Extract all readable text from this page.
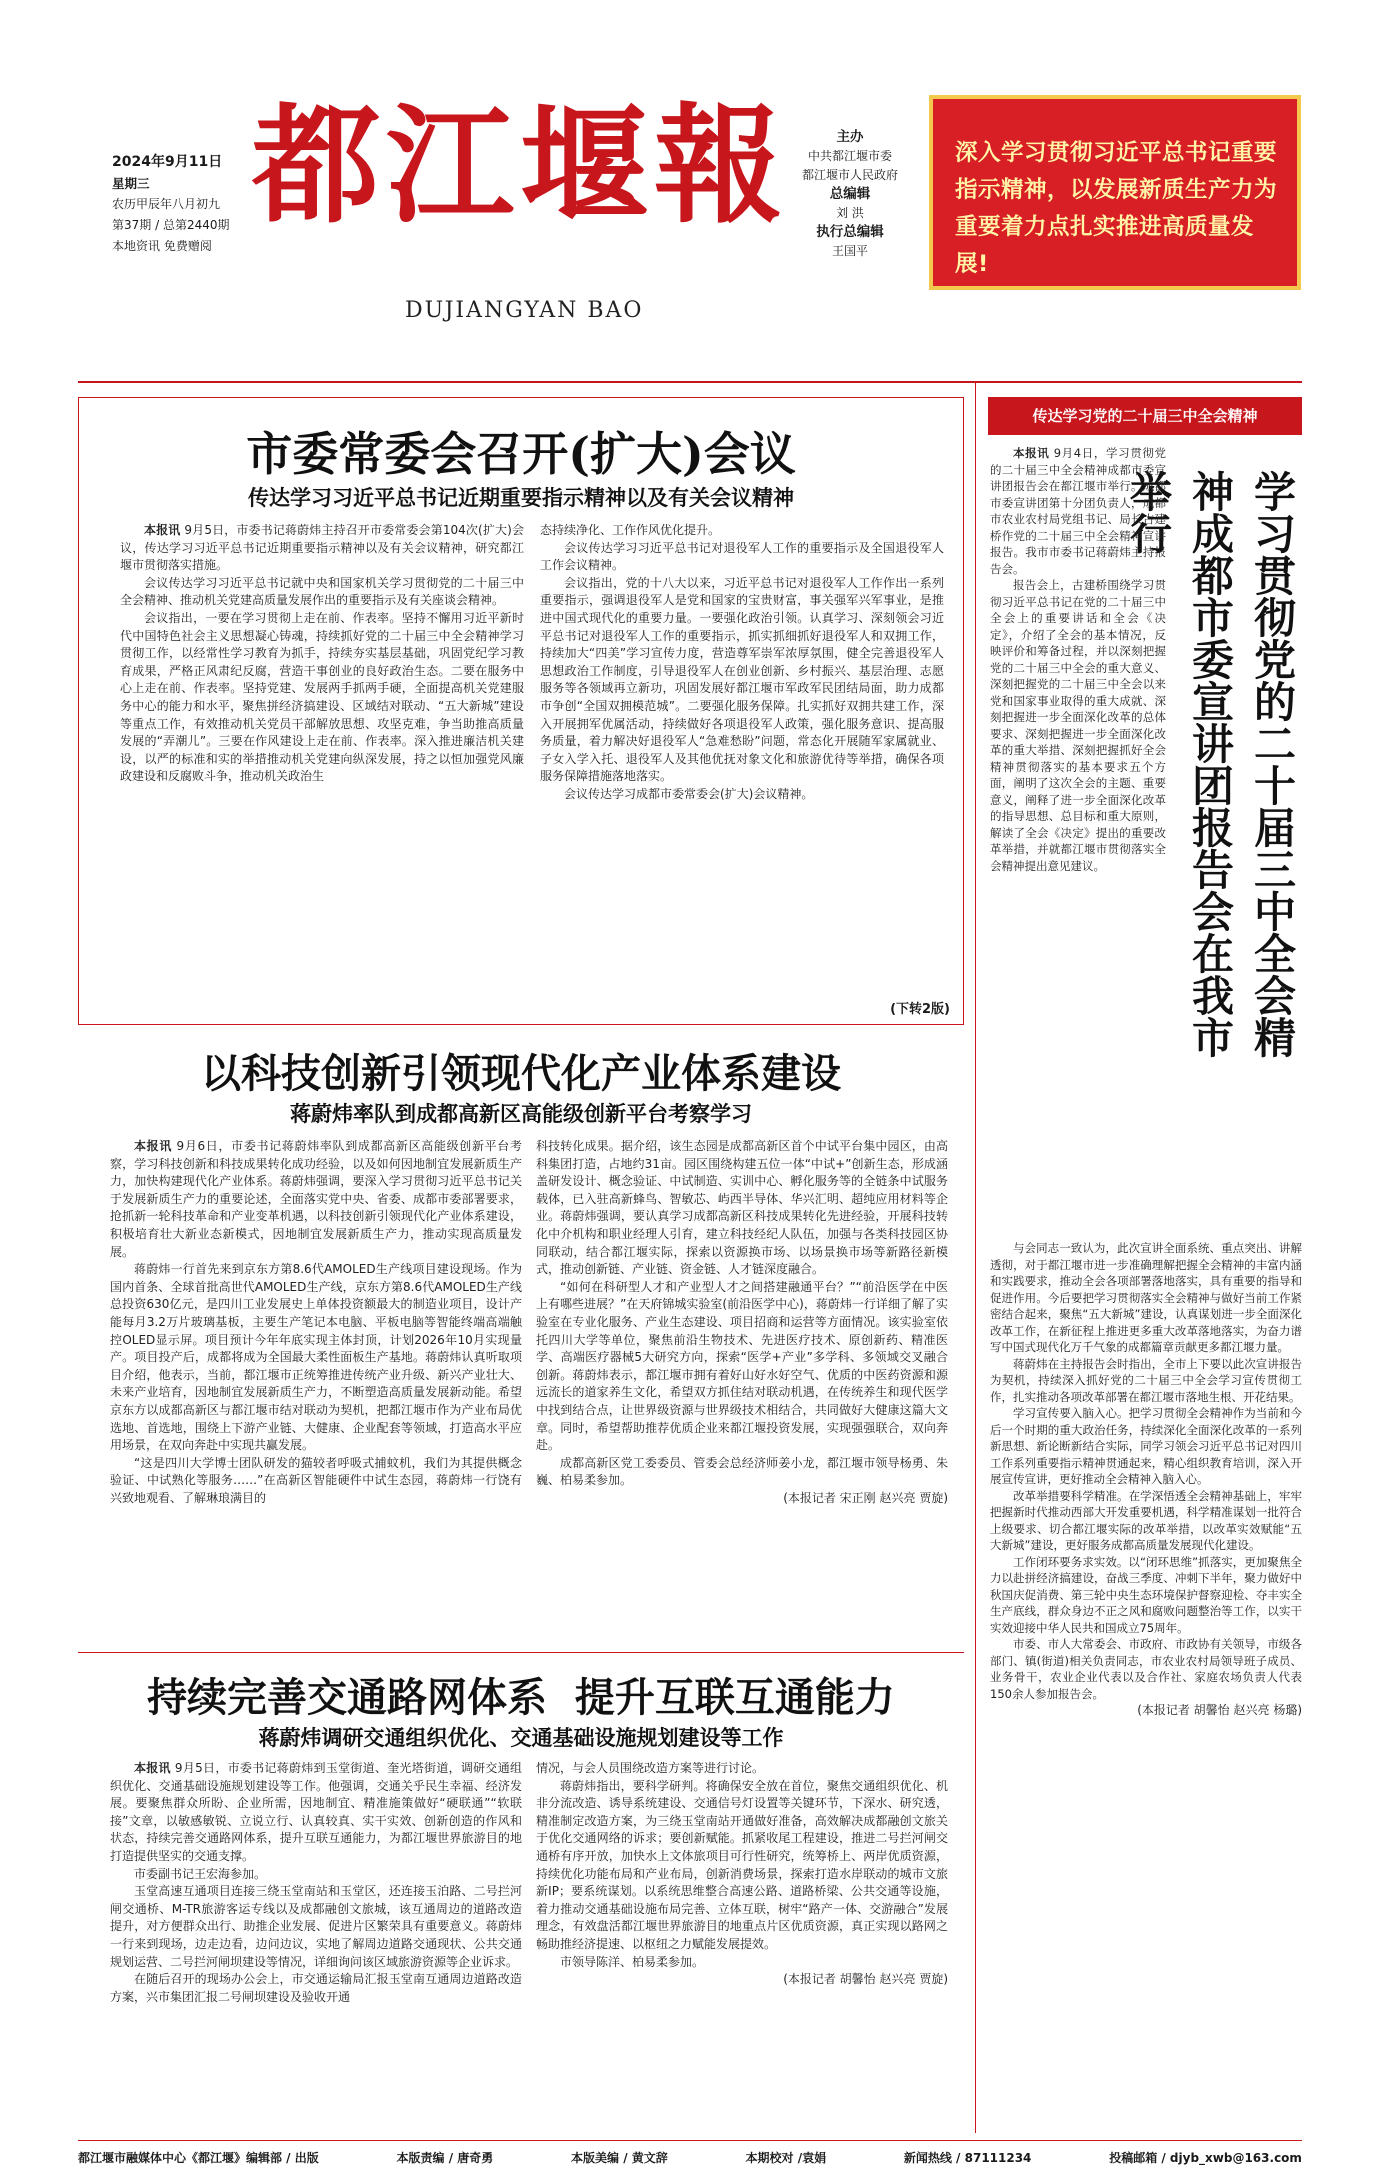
2024年9月11日
星期三
农历甲辰年八月初九
第37期 / 总第2440期
本地资讯 免费赠阅
都江堰報
DUJIANGYAN BAO
主办
中共都江堰市委
都江堰市人民政府
总编辑
刘 洪
执行总编辑
王国平
深入学习贯彻习近平总书记重要指示精神，以发展新质生产力为重要着力点扎实推进高质量发展!
市委常委会召开(扩大)会议
传达学习习近平总书记近期重要指示精神以及有关会议精神

本报讯 9月5日，市委书记蒋蔚炜主持召开市委常委会第104次(扩大)会议，传达学习习近平总书记近期重要指示精神以及有关会议精神，研究都江堰市贯彻落实措施。

会议传达学习习近平总书记就中央和国家机关学习贯彻党的二十届三中全会精神、推动机关党建高质量发展作出的重要指示及有关座谈会精神。

会议指出，一要在学习贯彻上走在前、作表率。坚持不懈用习近平新时代中国特色社会主义思想凝心铸魂，持续抓好党的二十届三中全会精神学习贯彻工作，以经常性学习教育为抓手，持续夯实基层基础，巩固党纪学习教育成果，严格正风肃纪反腐，营造干事创业的良好政治生态。二要在服务中心上走在前、作表率。坚持党建、发展两手抓两手硬，全面提高机关党建服务中心的能力和水平，聚焦拼经济搞建设、区域结对联动、“五大新城”建设等重点工作，有效推动机关党员干部解放思想、攻坚克难，争当助推高质量发展的“弄潮儿”。三要在作风建设上走在前、作表率。深入推进廉洁机关建设，以严的标准和实的举措推动机关党建向纵深发展，持之以恒加强党风廉政建设和反腐败斗争，推动机关政治生

态持续净化、工作作风优化提升。

会议传达学习习近平总书记对退役军人工作的重要指示及全国退役军人工作会议精神。

会议指出，党的十八大以来，习近平总书记对退役军人工作作出一系列重要指示，强调退役军人是党和国家的宝贵财富，事关强军兴军事业，是推进中国式现代化的重要力量。一要强化政治引领。认真学习、深刻领会习近平总书记对退役军人工作的重要指示，抓实抓细抓好退役军人和双拥工作，持续加大“四美”学习宣传力度，营造尊军崇军浓厚氛围，健全完善退役军人思想政治工作制度，引导退役军人在创业创新、乡村振兴、基层治理、志愿服务等各领域再立新功，巩固发展好都江堰市军政军民团结局面，助力成都市争创“全国双拥模范城”。二要强化服务保障。扎实抓好双拥共建工作，深入开展拥军优属活动，持续做好各项退役军人政策，强化服务意识、提高服务质量，着力解决好退役军人“急难愁盼”问题，常态化开展随军家属就业、子女入学入托、退役军人及其他优抚对象文化和旅游优待等举措，确保各项服务保障措施落地落实。

会议传达学习成都市委常委会(扩大)会议精神。

(下转2版)
以科技创新引领现代化产业体系建设
蒋蔚炜率队到成都高新区高能级创新平台考察学习

本报讯 9月6日，市委书记蒋蔚炜率队到成都高新区高能级创新平台考察，学习科技创新和科技成果转化成功经验，以及如何因地制宜发展新质生产力，加快构建现代化产业体系。蒋蔚炜强调，要深入学习贯彻习近平总书记关于发展新质生产力的重要论述，全面落实党中央、省委、成都市委部署要求，抢抓新一轮科技革命和产业变革机遇，以科技创新引领现代化产业体系建设，积极培育壮大新业态新模式，因地制宜发展新质生产力，推动实现高质量发展。

蒋蔚炜一行首先来到京东方第8.6代AMOLED生产线项目建设现场。作为国内首条、全球首批高世代AMOLED生产线，京东方第8.6代AMOLED生产线总投资630亿元，是四川工业发展史上单体投资额最大的制造业项目，设计产能每月3.2万片玻璃基板，主要生产笔记本电脑、平板电脑等智能终端高端触控OLED显示屏。项目预计今年年底实现主体封顶，计划2026年10月实现量产。项目投产后，成都将成为全国最大柔性面板生产基地。蒋蔚炜认真听取项目介绍，他表示，当前，都江堰市正统筹推进传统产业升级、新兴产业壮大、未来产业培育，因地制宜发展新质生产力，不断塑造高质量发展新动能。希望京东方以成都高新区与都江堰市结对联动为契机，把都江堰市作为产业布局优选地、首选地，围绕上下游产业链、大健康、企业配套等领域，打造高水平应用场景，在双向奔赴中实现共赢发展。

“这是四川大学博士团队研发的猫较者呼吸式捕蚊机，我们为其提供概念验证、中试熟化等服务……”在高新区智能硬件中试生态园，蒋蔚炜一行饶有兴致地观看、了解琳琅满目的

科技转化成果。据介绍，该生态园是成都高新区首个中试平台集中园区，由高科集团打造，占地约31亩。园区围绕构建五位一体“中试+”创新生态，形成涵盖研发设计、概念验证、中试制造、实训中心、孵化服务等的全链条中试服务载体，已入驻高新蜂鸟、智敏芯、屿西半导体、华兴汇明、超纯应用材料等企业。蒋蔚炜强调，要认真学习成都高新区科技成果转化先进经验，开展科技转化中介机构和职业经理人引育，建立科技经纪人队伍，加强与各类科技园区协同联动，结合都江堰实际，探索以资源换市场、以场景换市场等新路径新模式，推动创新链、产业链、资金链、人才链深度融合。

“如何在科研型人才和产业型人才之间搭建融通平台？”“前沿医学在中医上有哪些进展？”在天府锦城实验室(前沿医学中心)，蒋蔚炜一行详细了解了实验室在专业化服务、产业生态建设、项目招商和运营等方面情况。该实验室依托四川大学等单位，聚焦前沿生物技术、先进医疗技术、原创新药、精准医学、高端医疗器械5大研究方向，探索“医学+产业”多学科、多领域交叉融合创新。蒋蔚炜表示，都江堰市拥有着好山好水好空气、优质的中医药资源和源远流长的道家养生文化，希望双方抓住结对联动机遇，在传统养生和现代医学中找到结合点，让世界级资源与世界级技术相结合，共同做好大健康这篇大文章。同时，希望帮助推荐优质企业来都江堰投资发展，实现强强联合，双向奔赴。

成都高新区党工委委员、管委会总经济师姜小龙，都江堰市领导杨勇、朱巍、柏易柔参加。

(本报记者 宋正刚 赵兴亮 贾旋)
持续完善交通路网体系  提升互联互通能力
蒋蔚炜调研交通组织优化、交通基础设施规划建设等工作

本报讯 9月5日，市委书记蒋蔚炜到玉堂街道、奎光塔街道，调研交通组织优化、交通基础设施规划建设等工作。他强调，交通关乎民生幸福、经济发展。要聚焦群众所盼、企业所需，因地制宜、精准施策做好“硬联通”“软联接”文章，以敏感敏锐、立说立行、认真较真、实干实效、创新创造的作风和状态，持续完善交通路网体系，提升互联互通能力，为都江堰世界旅游目的地打造提供坚实的交通支撑。

市委副书记王宏海参加。

玉堂高速互通项目连接三绕玉堂南站和玉堂区，还连接玉泊路、二号拦河闸交通桥、M-TR旅游客运专线以及成都融创文旅城，该互通周边的道路改造提升，对方便群众出行、助推企业发展、促进片区繁荣具有重要意义。蒋蔚炜一行来到现场，边走边看，边问边议，实地了解周边道路交通现状、公共交通规划运营、二号拦河闸坝建设等情况，详细询问该区域旅游资源等企业诉求。

在随后召开的现场办公会上，市交通运输局汇报玉堂南互通周边道路改造方案，兴市集团汇报二号闸坝建设及验收开通

情况，与会人员围绕改造方案等进行讨论。

蒋蔚炜指出，要科学研判。将确保安全放在首位，聚焦交通组织优化、机非分流改造、诱导系统建设、交通信号灯设置等关键环节，下深水、研究透，精准制定改造方案，为三绕玉堂南站开通做好准备，高效解决成都融创文旅关于优化交通网络的诉求；要创新赋能。抓紧收尾工程建设，推进二号拦河闸交通桥有序开放，加快水上文体旅项目可行性研究，统筹桥上、两岸优质资源，持续优化功能布局和产业布局，创新消费场景，探索打造水岸联动的城市文旅新IP；要系统谋划。以系统思维整合高速公路、道路桥梁、公共交通等设施，着力推动交通基础设施布局完善、立体互联，树牢“路产一体、交游融合”发展理念，有效盘活都江堰世界旅游目的地重点片区优质资源，真正实现以路网之畅助推经济提速、以枢纽之力赋能发展提效。

市领导陈洋、柏易柔参加。

(本报记者 胡馨怡 赵兴亮 贾旋)
传达学习党的二十届三中全会精神
学习贯彻党的二十届三中全会精神成都市委宣讲团报告会在我市举行

本报讯 9月4日，学习贯彻党的二十届三中全会精神成都市委宣讲团报告会在都江堰市举行。成都市委宣讲团第十分团负责人，成都市农业农村局党组书记、局长古建桥作党的二十届三中全会精神宣讲报告。我市市委书记蒋蔚炜主持报告会。

报告会上，古建桥围绕学习贯彻习近平总书记在党的二十届三中全会上的重要讲话和全会《决定》，介绍了全会的基本情况，反映评价和筹备过程，并以深刻把握党的二十届三中全会的重大意义、深刻把握党的二十届三中全会以来党和国家事业取得的重大成就、深刻把握进一步全面深化改革的总体要求、深刻把握进一步全面深化改革的重大举措、深刻把握抓好全会精神贯彻落实的基本要求五个方面，阐明了这次全会的主题、重要意义，阐释了进一步全面深化改革的指导思想、总目标和重大原则，解读了全会《决定》提出的重要改革举措，并就都江堰市贯彻落实全会精神提出意见建议。

与会同志一致认为，此次宣讲全面系统、重点突出、讲解透彻，对于都江堰市进一步准确理解把握全会精神的丰富内涵和实践要求，推动全会各项部署落地落实，具有重要的指导和促进作用。今后要把学习贯彻落实全会精神与做好当前工作紧密结合起来，聚焦“五大新城”建设，认真谋划进一步全面深化改革工作，在新征程上推进更多重大改革落地落实，为奋力谱写中国式现代化万千气象的成都篇章贡献更多都江堰力量。

蒋蔚炜在主持报告会时指出，全市上下要以此次宣讲报告为契机，持续深入抓好党的二十届三中全会学习宣传贯彻工作，扎实推动各项改革部署在都江堰市落地生根、开花结果。

学习宣传要入脑入心。把学习贯彻全会精神作为当前和今后一个时期的重大政治任务，持续深化全面深化改革的一系列新思想、新论断新结合实际，同学习领会习近平总书记对四川工作系列重要指示精神贯通起来，精心组织教育培训，深入开展宣传宣讲，更好推动全会精神入脑入心。

改革举措要科学精准。在学深悟透全会精神基础上，牢牢把握新时代推动西部大开发重要机遇，科学精准谋划一批符合上级要求、切合都江堰实际的改革举措，以改革实效赋能“五大新城”建设，更好服务成都高质量发展现代化建设。

工作闭环要务求实效。以“闭环思维”抓落实，更加聚焦全力以赴拼经济搞建设，奋战三季度、冲刺下半年，聚力做好中秋国庆促消费、第三轮中央生态环境保护督察迎检、夺丰实全生产底线，群众身边不正之风和腐败问题整治等工作，以实干实效迎接中华人民共和国成立75周年。

市委、市人大常委会、市政府、市政协有关领导，市级各部门、镇(街道)相关负责同志，市农业农村局领导班子成员、业务骨干，农业企业代表以及合作社、家庭农场负责人代表150余人参加报告会。

(本报记者 胡馨怡 赵兴亮 杨璐)
都江堰市融媒体中心《都江堰》编辑部 / 出版	本版责编 / 唐奇勇	本版美编 / 黄文辞	本期校对 /袁娟	新闻热线 / 87111234	投稿邮箱 / djyb_xwb@163.com
